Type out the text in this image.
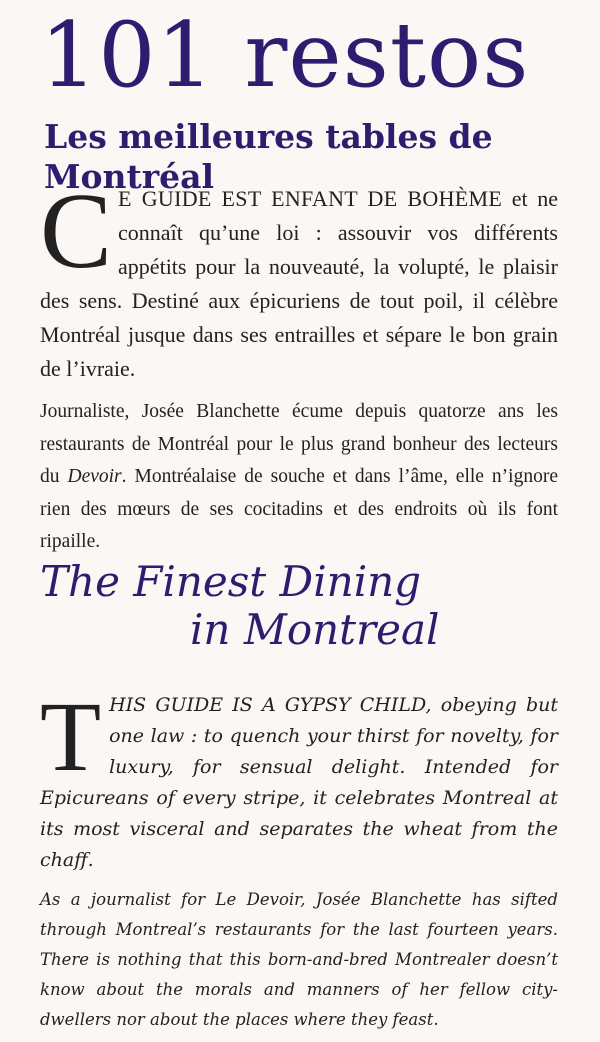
101 restos
Les meilleures tables de Montréal
C E GUIDE EST ENFANT DE BOHÈME et ne connaît qu’une loi : assouvir vos différents appétits pour la nouveauté, la volupté, le plaisir des sens. Destiné aux épicuriens de tout poil, il célèbre Montréal jusque dans ses entrailles et sépare le bon grain de l’ivraie.
Journaliste, Josée Blanchette écume depuis quatorze ans les restaurants de Montréal pour le plus grand bonheur des lecteurs du Devoir. Montréalaise de souche et dans l’âme, elle n’ignore rien des mœurs de ses cocitadins et des endroits où ils font ripaille.
The Finest Dining
in Montreal
THIS GUIDE IS A GYPSY CHILD, obeying but one law : to quench your thirst for novelty, for luxury, for sensual delight. Intended for Epicureans of every stripe, it celebrates Montreal at its most visceral and separates the wheat from the chaff.
As a journalist for Le Devoir, Josée Blanchette has sifted through Montreal’s restaurants for the last fourteen years. There is nothing that this born-and-bred Montrealer doesn’t know about the morals and manners of her fellow city-dwellers nor about the places where they feast.
